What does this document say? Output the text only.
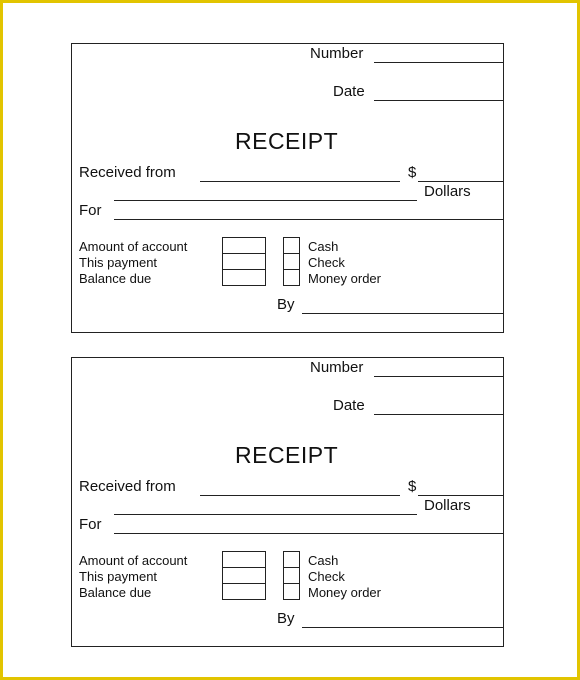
Number
Date
RECEIPT
Received from	$
Dollars
For
Amount of account
This payment
Balance due
Cash
Check
Money order
By
Number
Date
RECEIPT
Received from	$
Dollars
For
Amount of account
This payment
Balance due
Cash
Check
Money order
By
